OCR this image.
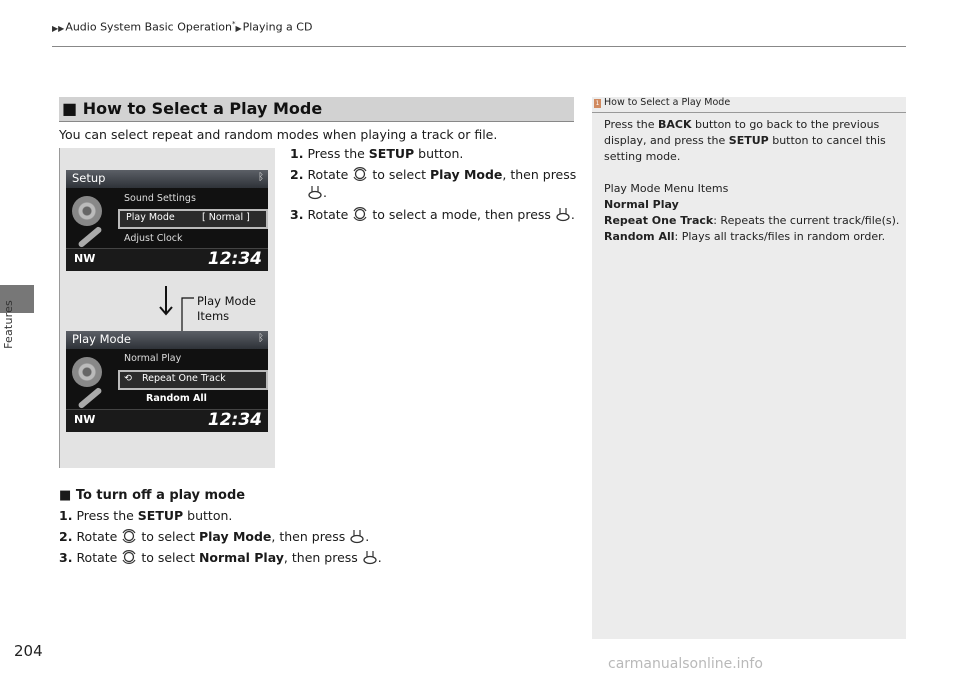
▶▶Audio System Basic Operation*▶Playing a CD
Features
■ How to Select a Play Mode
You can select repeat and random modes when playing a track or file.
1. Press the SETUP button.
2. Rotate  to select Play Mode, then press
.
3. Rotate  to select a mode, then press .
Setup	ᛒ
Sound Settings
Play Mode	[ Normal ]
Adjust Clock
NW	12:34
Play Mode	ᛒ
Normal Play
⟲ Repeat One Track
Random All
NW	12:34
Play Mode
Items
■ To turn off a play mode
1. Press the SETUP button.
2. Rotate  to select Play Mode, then press .
3. Rotate  to select Normal Play, then press .
1 How to Select a Play Mode
Press the BACK button to go back to the previous
display, and press the SETUP button to cancel this
setting mode.
Play Mode Menu Items
Normal Play
Repeat One Track: Repeats the current track/file(s).
Random All: Plays all tracks/files in random order.
204
carmanualsonline.info
